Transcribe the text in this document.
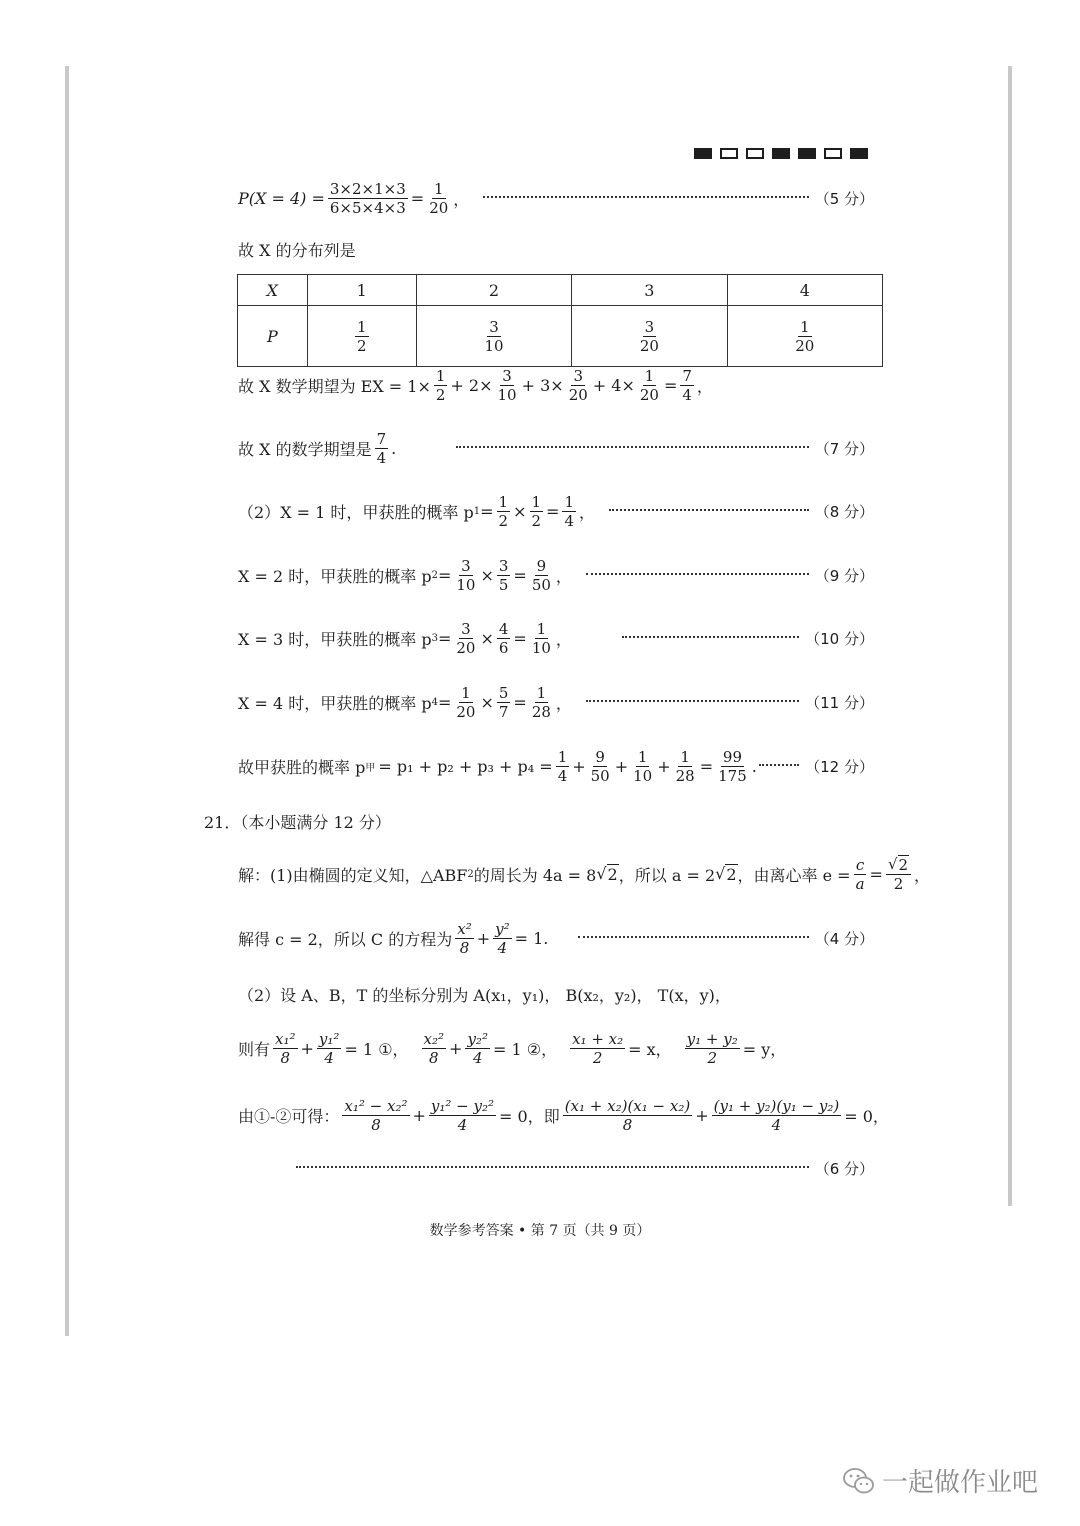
$P(X = 4) = \frac{3\times 2\times 1\times 3}{6\times 5\times 4\times 3} = \frac{1}{20}$ ，	（5 分）
故 X 的分布列是
X	1	2	3	4
P	$\frac{1}{2}$	$\frac{3}{10}$	$\frac{3}{20}$	$\frac{1}{20}$
故 X 数学期望为 EX = $1\times \frac{1}{2} + 2\times \frac{3}{10} + 3\times \frac{3}{20} + 4\times \frac{1}{20} = \frac{7}{4}$ ，
故 X 的数学期望是
7
4 .	（7 分）
（2） X = 1 时，甲获胜的概率 p $1 = \frac{1}{2} \times \frac{1}{2} = \frac{1}{4}$ ，	（8 分）
X = 2 时，甲获胜的概率 p $2 = \frac{3}{10} \times \frac{3}{5} = \frac{9}{50}$ ，	（9 分）
X = 3 时，甲获胜的概率 p $3 = \frac{3}{20} \times \frac{4}{6} = \frac{1}{10}$ ，	（10 分）
X = 4 时，甲获胜的概率 p $4 = \frac{1}{20} \times \frac{5}{7} = \frac{1}{28}$ ，	（11 分）
故甲获胜的概率 p 甲 = $p_1 + p_2 + p_3 + p_4 = \frac{1}{4} + 9$
50 + 1
$10 + \frac{1}{28} = \frac{99}{175}$ .	（12 分）
21．（本小题满分 12 分）
解：(1)由椭圆的定义知，△ABF 2 的周长为 4a = 8 √ 2 ，所以 a = 2 √ 2 ，由离心率 $e = \frac{c}{a} = \frac{√ 2}{2}$ ，
解得 c = 2，所以 C 的方程为
x²
$8 + \frac{\text{y²}}{4} = 1$.	（4 分）
（2）设 A、B，T 的坐标分别为 A(x₁，y₁)， B(x₂，y₂)， T(x，y)，
则有
x₁²
$8 + \frac{\text{y₁²}}{4} = 1$ ①，
x₂²
$8 + \frac{\text{y₂²}}{4} = 1$ ②， $\frac{\text{x₁ + x₂}}{2} = x$， $\frac{\text{y₁ + y₂}}{2} = y$，
由①-②可得：
x₁² − x₂²
$8 + \frac{\text{y₁² − y₂²}}{4} = 0$，即
(x₁ + x₂)(x₁ − x₂)
8	+ $\frac{\text{(y₁ + y₂)(y₁ − y₂)}}{4} = 0$，
（6 分）
数学参考答案 • 第 7 页（共 9 页）
一起做作业吧
